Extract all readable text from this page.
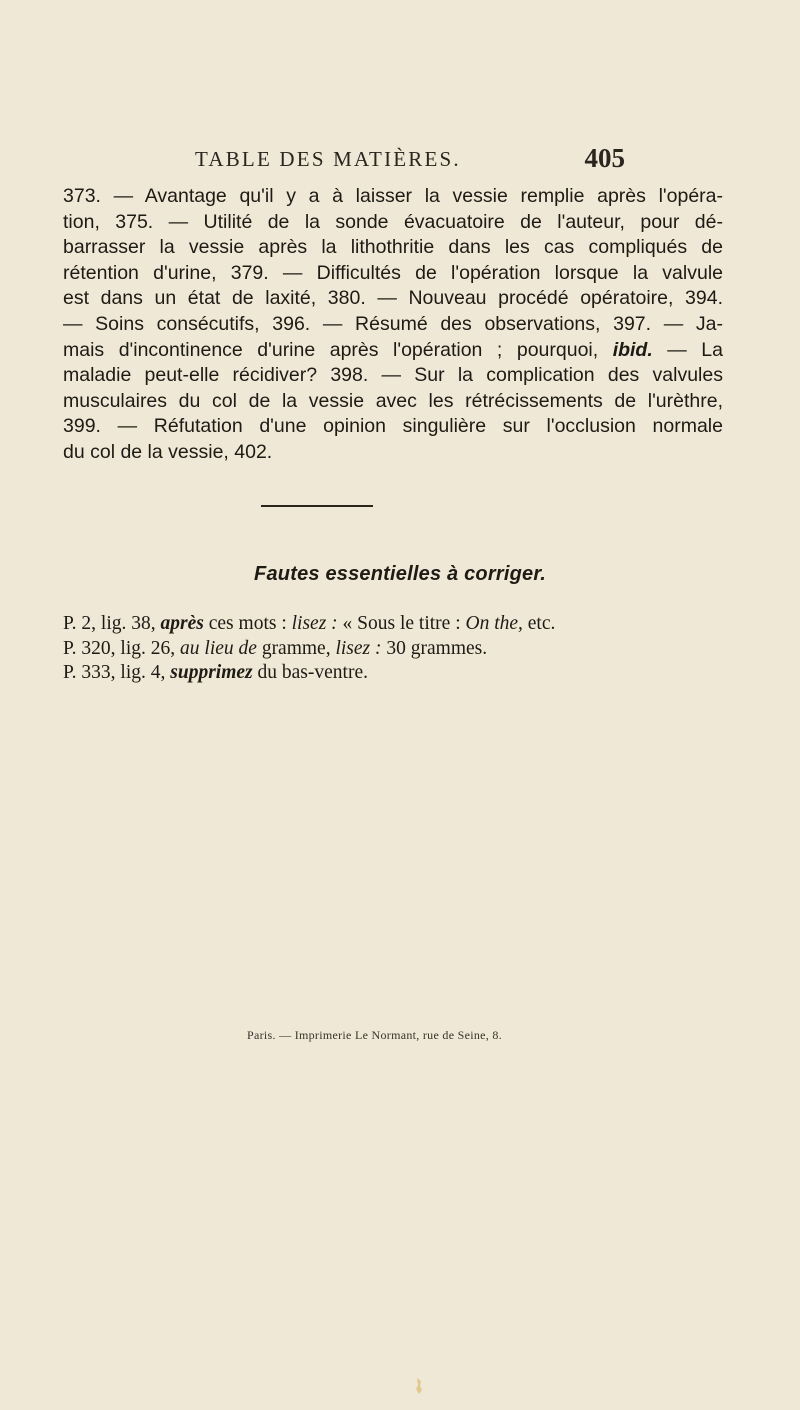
TABLE DES MATIÈRES.	405
373. — Avantage qu'il y a à laisser la vessie remplie après l'opéra-
tion, 375. — Utilité de la sonde évacuatoire de l'auteur, pour dé-
barrasser la vessie après la lithothritie dans les cas compliqués de
rétention d'urine, 379. — Difficultés de l'opération lorsque la valvule
est dans un état de laxité, 380. — Nouveau procédé opératoire, 394.
— Soins consécutifs, 396. — Résumé des observations, 397. — Ja-
mais d'incontinence d'urine après l'opération ; pourquoi, ibid. — La
maladie peut-elle récidiver? 398. — Sur la complication des valvules
musculaires du col de la vessie avec les rétrécissements de l'urèthre,
399. — Réfutation d'une opinion singulière sur l'occlusion normale
du col de la vessie, 402.
Fautes essentielles à corriger.
P. 2, lig. 38, après ces mots : lisez : « Sous le titre : On the, etc.
P. 320, lig. 26, au lieu de gramme, lisez : 30 grammes.
P. 333, lig. 4, supprimez du bas-ventre.
Paris. — Imprimerie Le Normant, rue de Seine, 8.
